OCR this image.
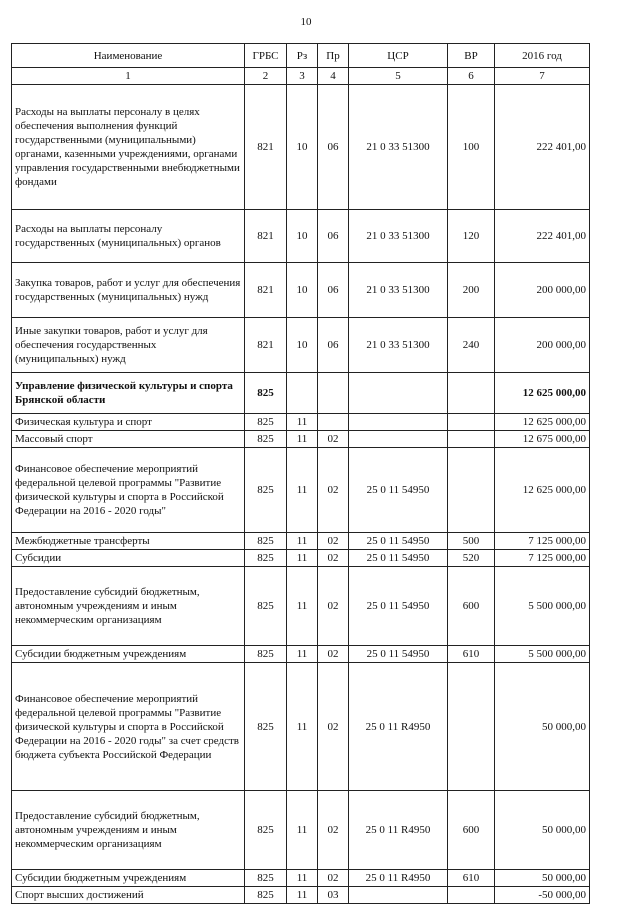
10
Наименование	ГРБС	Рз	Пр	ЦСР	ВР	2016 год
1	2	3	4	5	6	7
Расходы на выплаты персоналу в целях обеспечения выполнения функций государственными (муниципальными) органами, казенными учреждениями, органами управления государственными внебюджетными фондами	821	10	06	21 0 33 51300	100	222 401,00
Расходы на выплаты персоналу государственных (муниципальных) органов	821	10	06	21 0 33 51300	120	222 401,00
Закупка товаров, работ и услуг для обеспечения государственных (муниципальных) нужд	821	10	06	21 0 33 51300	200	200 000,00
Иные закупки товаров, работ и услуг для обеспечения государственных (муниципальных) нужд	821	10	06	21 0 33 51300	240	200 000,00
Управление физической культуры и спорта Брянской области	825					12 625 000,00
Физическая культура и спорт	825	11				12 625 000,00
Массовый спорт	825	11	02			12 675 000,00
Финансовое обеспечение мероприятий федеральной целевой программы "Развитие физической культуры и спорта в Российской Федерации на 2016 - 2020 годы"	825	11	02	25 0 11 54950		12 625 000,00
Межбюджетные трансферты	825	11	02	25 0 11 54950	500	7 125 000,00
Субсидии	825	11	02	25 0 11 54950	520	7 125 000,00
Предоставление субсидий бюджетным, автономным учреждениям и иным некоммерческим организациям	825	11	02	25 0 11 54950	600	5 500 000,00
Субсидии бюджетным учреждениям	825	11	02	25 0 11 54950	610	5 500 000,00
Финансовое обеспечение мероприятий федеральной целевой программы "Развитие физической культуры и спорта в Российской Федерации на 2016 - 2020 годы" за счет средств бюджета субъекта Российской Федерации	825	11	02	25 0 11 R4950		50 000,00
Предоставление субсидий бюджетным, автономным учреждениям и иным некоммерческим организациям	825	11	02	25 0 11 R4950	600	50 000,00
Субсидии бюджетным учреждениям	825	11	02	25 0 11 R4950	610	50 000,00
Спорт высших достижений	825	11	03			-50 000,00
